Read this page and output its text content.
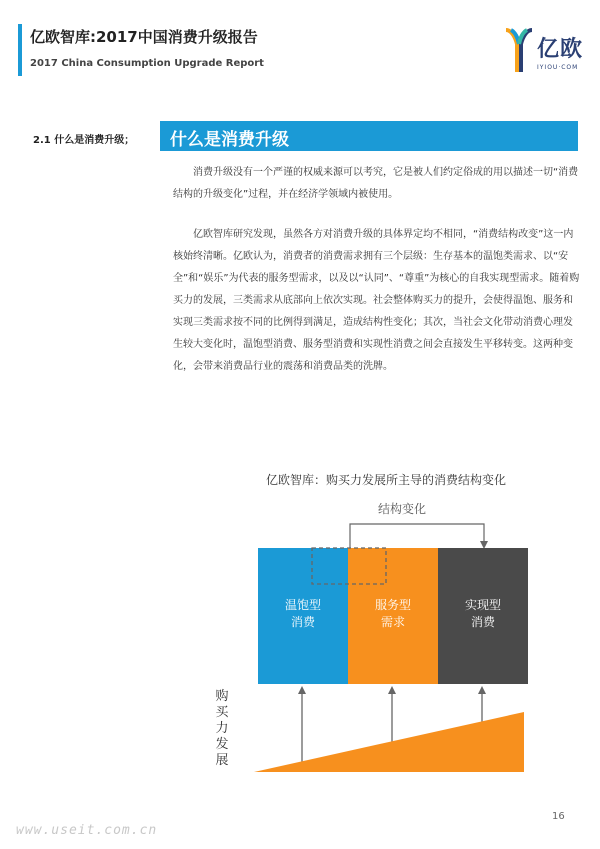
亿欧智库:2017中国消费升级报告
2017 China Consumption Upgrade Report
亿欧
IYIOU·COM
2.1 什么是消费升级； 什么是消费升级

消费升级没有一个严谨的权威来源可以考究，它是被人们约定俗成的用以描述一切“消费结构的升级变化”过程，并在经济学领域内被使用。

亿欧智库研究发现，虽然各方对消费升级的具体界定均不相同，“消费结构改变”这一内核始终清晰。亿欧认为，消费者的消费需求拥有三个层级：生存基本的温饱类需求、以“安全”和“娱乐”为代表的服务型需求，以及以“认同”、“尊重”为核心的自我实现型需求。随着购买力的发展，三类需求从底部向上依次实现。社会整体购买力的提升，会使得温饱、服务和实现三类需求按不同的比例得到满足，造成结构性变化；其次，当社会文化带动消费心理发生较大变化时，温饱型消费、服务型消费和实现性消费之间会直接发生平移转变。这两种变化，会带来消费品行业的震荡和消费品类的洗牌。

亿欧智库：购买力发展所主导的消费结构变化
结构变化
温饱型
消费
服务型
需求
实现型
消费
购
买
力
发
展
16
www.useit.com.cn
